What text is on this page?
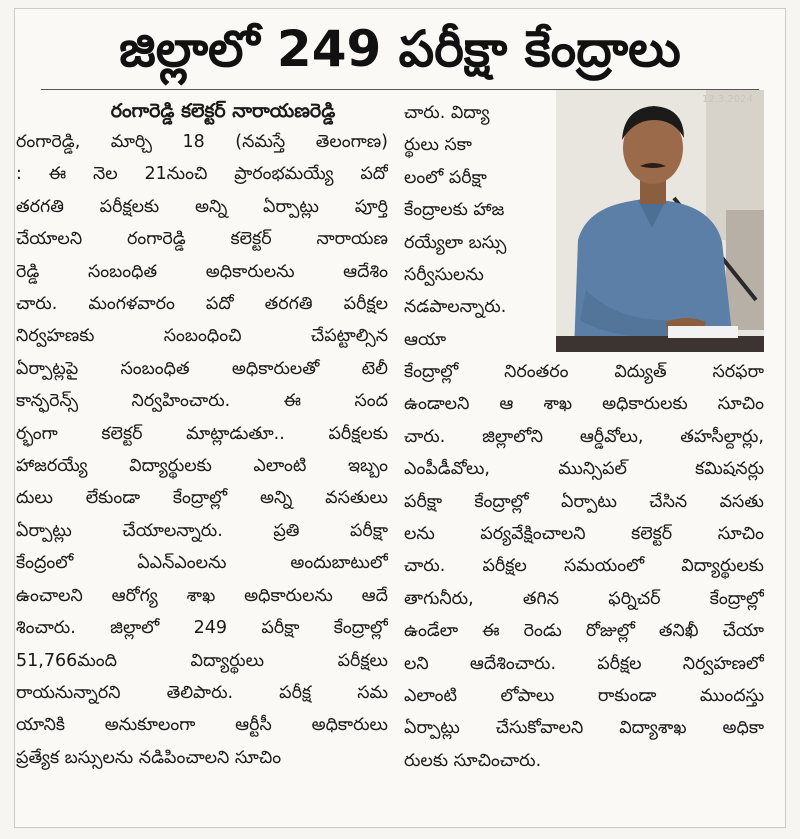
జిల్లాలో 249 పరీక్షా కేంద్రాలు
రంగారెడ్డి కలెక్టర్ నారాయణరెడ్డి
రంగారెడ్డి, మార్చి 18 (నమస్తే తెలంగాణ)
: ఈ నెల 21నుంచి ప్రారంభమయ్యే పదో
తరగతి పరీక్షలకు అన్ని ఏర్పాట్లు పూర్తి
చేయాలని రంగారెడ్డి కలెక్టర్ నారాయణ
రెడ్డి సంబంధిత అధికారులను ఆదేశిం
చారు. మంగళవారం పదో తరగతి పరీక్షల
నిర్వహణకు సంబంధించి చేపట్టాల్సిన
ఏర్పాట్లపై సంబంధిత అధికారులతో టెలీ
కాన్ఫరెన్స్ నిర్వహించారు. ఈ సంద
ర్భంగా కలెక్టర్ మాట్లాడుతూ.. పరీక్షలకు
హాజరయ్యే విద్యార్థులకు ఎలాంటి ఇబ్బం
దులు లేకుండా కేంద్రాల్లో అన్ని వసతులు
ఏర్పాట్లు చేయాలన్నారు. ప్రతి పరీక్షా
కేంద్రంలో ఏఎన్ఎంలను అందుబాటులో
ఉంచాలని ఆరోగ్య శాఖ అధికారులను ఆదే
శించారు. జిల్లాలో 249 పరీక్షా కేంద్రాల్లో
51,766మంది విద్యార్థులు పరీక్షలు
రాయనున్నారని తెలిపారు. పరీక్ష సమ
యానికి అనుకూలంగా ఆర్టీసీ అధికారులు
ప్రత్యేక బస్సులను నడిపించాలని సూచిం
చారు. విద్యా
ర్థులు సకా
లంలో పరీక్షా
కేంద్రాలకు హాజ
రయ్యేలా బస్సు
సర్వీసులను
నడపాలన్నారు.
ఆయా
కేంద్రాల్లో నిరంతరం విద్యుత్ సరఫరా
ఉండాలని ఆ శాఖ అధికారులకు సూచిం
చారు. జిల్లాలోని ఆర్డీవోలు, తహసీల్దార్లు,
ఎంపీడీవోలు, మున్సిపల్ కమిషనర్లు
పరీక్షా కేంద్రాల్లో ఏర్పాటు చేసిన వసతు
లను పర్యవేక్షించాలని కలెక్టర్ సూచిం
చారు. పరీక్షల సమయంలో విద్యార్థులకు
తాగునీరు, తగిన ఫర్నిచర్ కేంద్రాల్లో
ఉండేలా ఈ రెండు రోజుల్లో తనిఖీ చేయా
లని ఆదేశించారు. పరీక్షల నిర్వహణలో
ఎలాంటి లోపాలు రాకుండా ముందస్తు
ఏర్పాట్లు చేసుకోవాలని విద్యాశాఖ అధికా
రులకు సూచించారు.
12.3.2024
